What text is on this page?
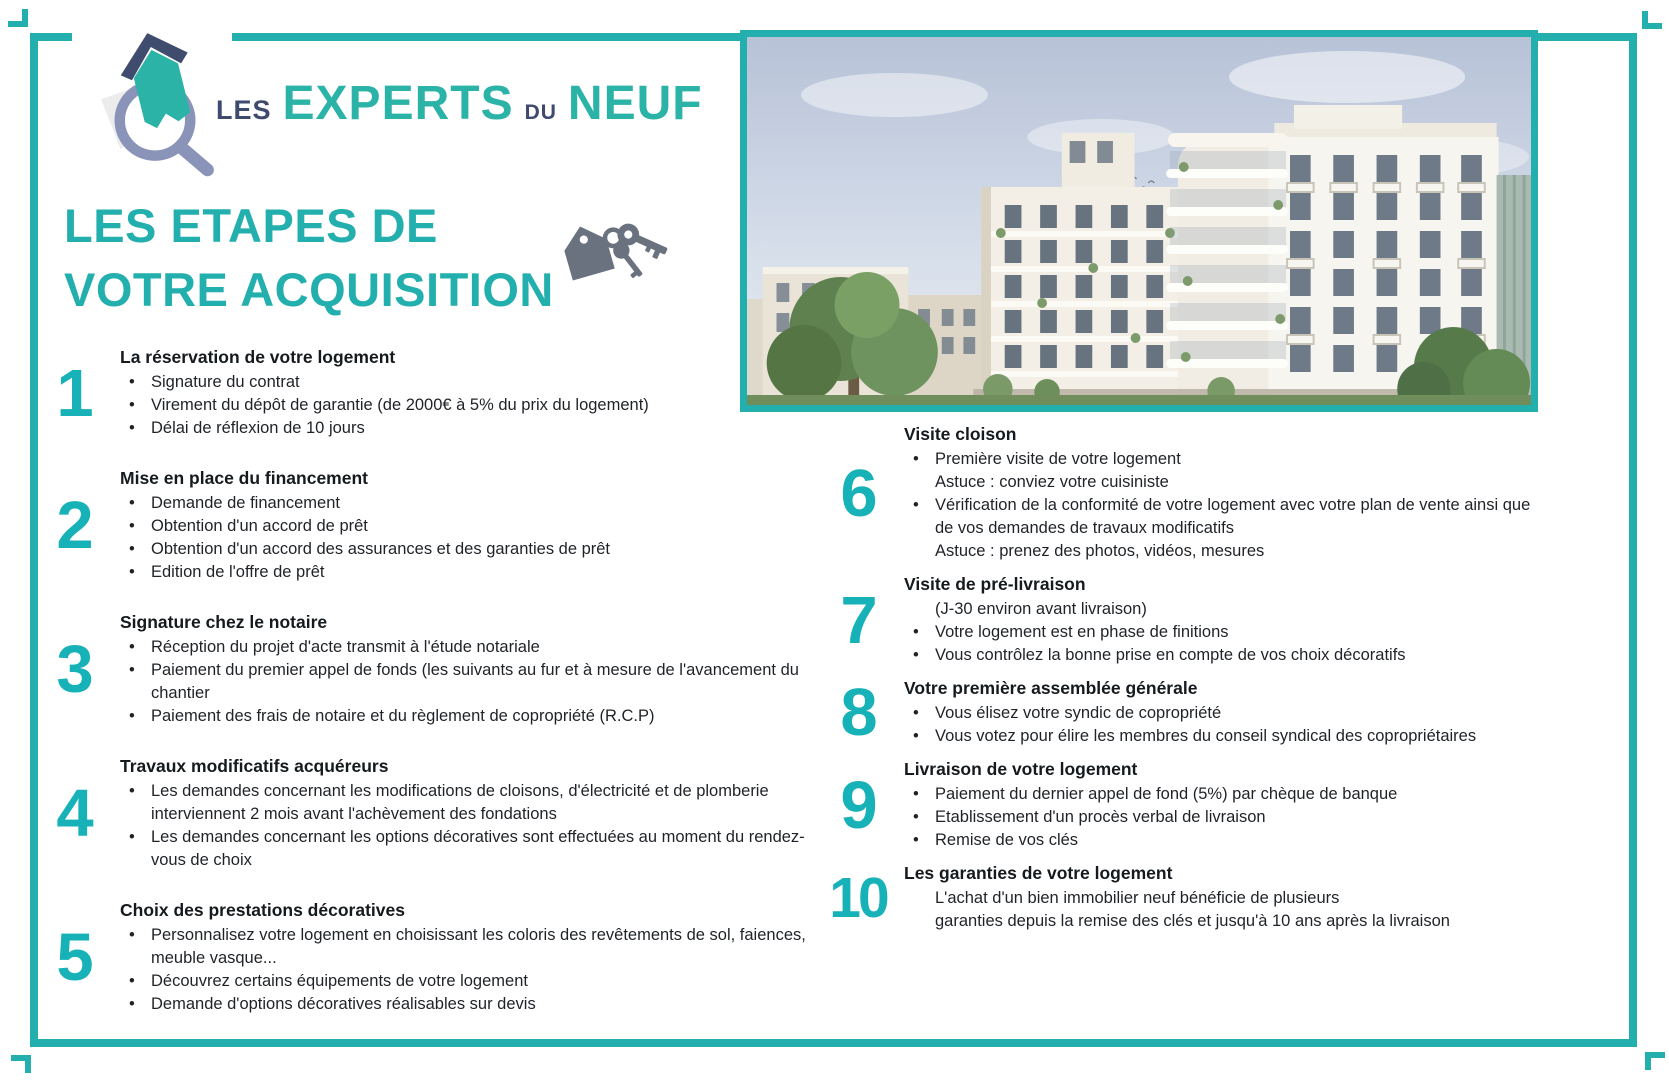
LES EXPERTS DU NEUF
LES ETAPES DE
VOTRE ACQUISITION
1	La réservation de votre logement
• Signature du contrat
• Virement du dépôt de garantie (de 2000€ à 5% du prix du logement)
• Délai de réflexion de 10 jours
2
Mise en place du financement
• Demande de financement
• Obtention d'un accord de prêt
• Obtention d'un accord des assurances et des garanties de prêt
• Edition de l'offre de prêt
3
Signature chez le notaire
• Réception du projet d'acte transmit à l'étude notariale
• Paiement du premier appel de fonds (les suivants au fur et à mesure de l'avancement du chantier
• Paiement des frais de notaire et du règlement de copropriété (R.C.P)
4
Travaux modificatifs acquéreurs
• Les demandes concernant les modifications de cloisons, d'électricité et de plomberie interviennent 2 mois avant l'achèvement des fondations
• Les demandes concernant les options décoratives sont effectuées au moment du rendez-vous de choix
5
Choix des prestations décoratives
• Personnalisez votre logement en choisissant les coloris des revêtements de sol, faiences, meuble vasque...
• Découvrez certains équipements de votre logement
• Demande d'options décoratives réalisables sur devis
6
Visite cloison
• Première visite de votre logement
Astuce : conviez votre cuisiniste
• Vérification de la conformité de votre logement avec votre plan de vente ainsi que de vos demandes de travaux modificatifs
Astuce : prenez des photos, vidéos, mesures
7	Visite de pré-livraison
(J-30 environ avant livraison)
• Votre logement est en phase de finitions
• Vous contrôlez la bonne prise en compte de vos choix décoratifs
8	Votre première assemblée générale
• Vous élisez votre syndic de copropriété
• Vous votez pour élire les membres du conseil syndical des copropriétaires
9	Livraison de votre logement
• Paiement du dernier appel de fond (5%) par chèque de banque
• Etablissement d'un procès verbal de livraison
• Remise de vos clés
10 Les garanties de votre logement
L'achat d'un bien immobilier neuf bénéficie de plusieurs
garanties depuis la remise des clés et jusqu'à 10 ans après la livraison
